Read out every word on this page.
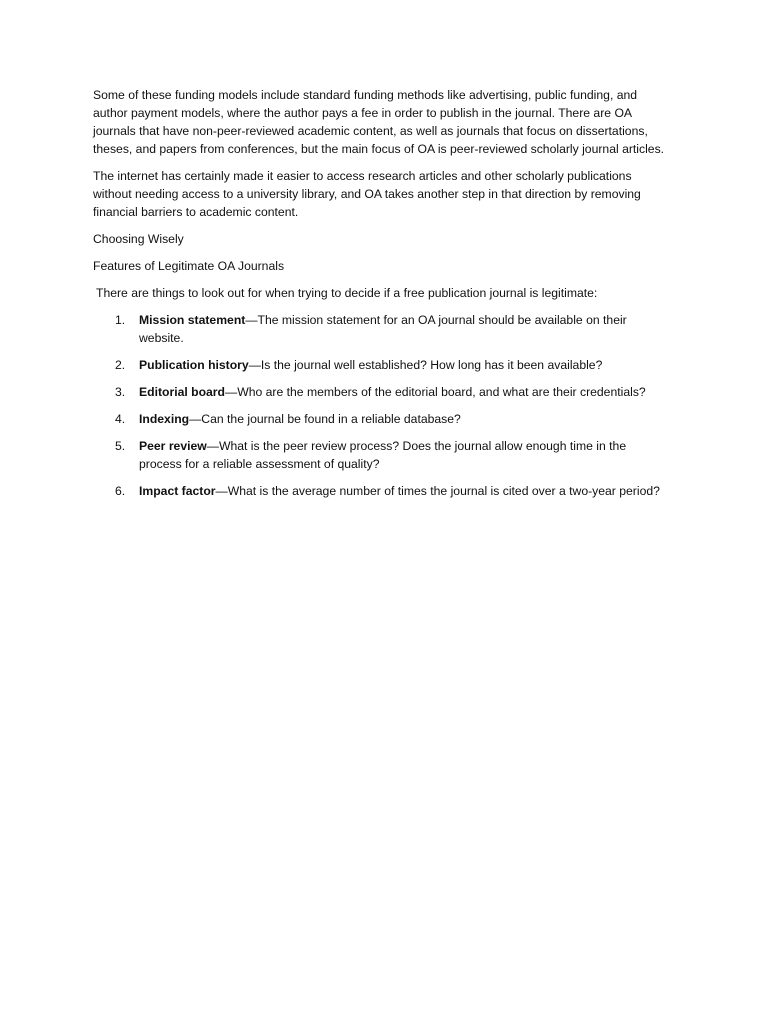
Some of these funding models include standard funding methods like advertising, public funding, and author payment models, where the author pays a fee in order to publish in the journal. There are OA journals that have non-peer-reviewed academic content, as well as journals that focus on dissertations, theses, and papers from conferences, but the main focus of OA is peer-reviewed scholarly journal articles.

The internet has certainly made it easier to access research articles and other scholarly publications without needing access to a university library, and OA takes another step in that direction by removing financial barriers to academic content.

Choosing Wisely

Features of Legitimate OA Journals

There are things to look out for when trying to decide if a free publication journal is legitimate:

1. Mission statement—The mission statement for an OA journal should be available on their website.
2. Publication history—Is the journal well established? How long has it been available?
3. Editorial board—Who are the members of the editorial board, and what are their credentials?
4. Indexing—Can the journal be found in a reliable database?
5. Peer review—What is the peer review process? Does the journal allow enough time in the process for a reliable assessment of quality?
6. Impact factor—What is the average number of times the journal is cited over a two-year period?
